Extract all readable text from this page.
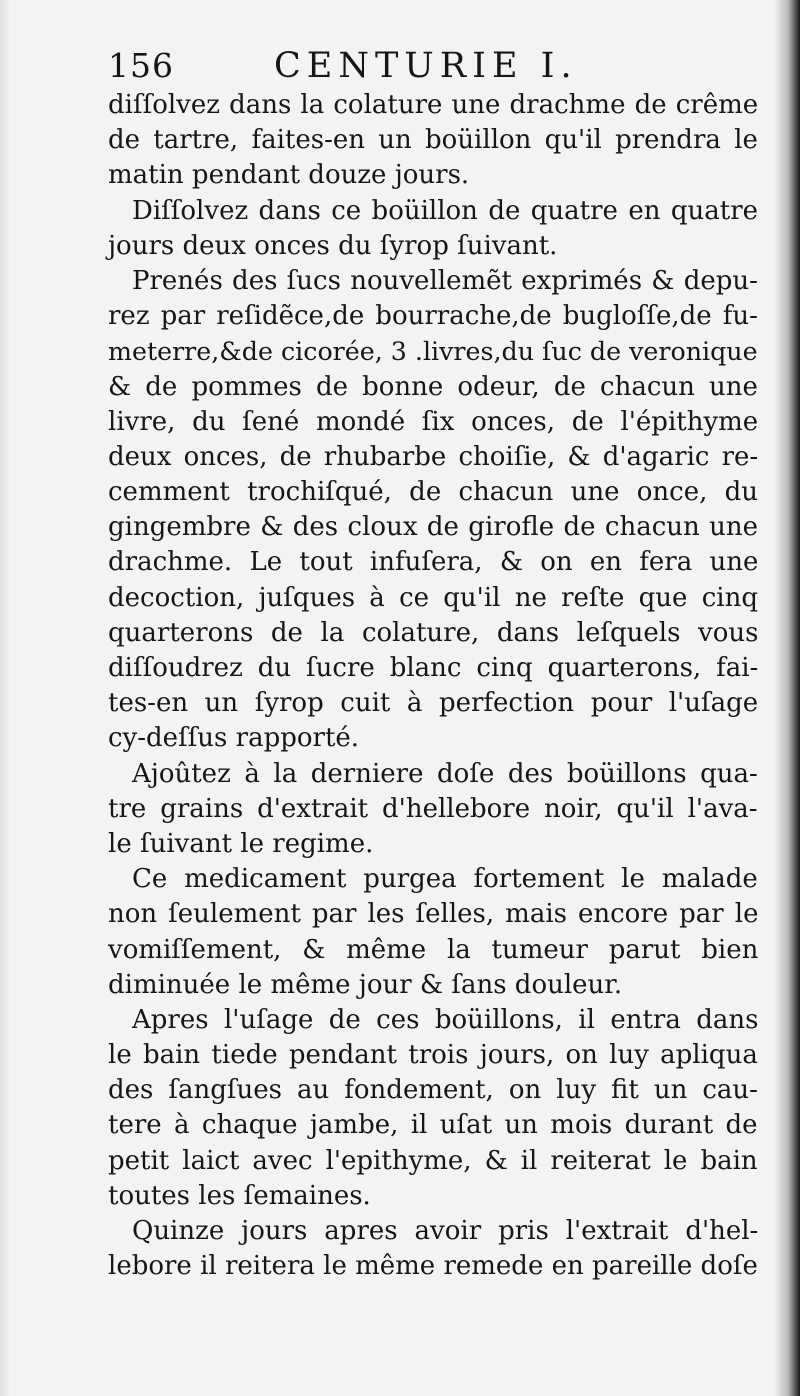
156	CENTURIE I.
diſſolvez dans la colature une drachme de crême
de tartre, faites-en un boüillon qu'il prendra le
matin pendant douze jours.
Diſſolvez dans ce boüillon de quatre en quatre
jours deux onces du ſyrop ſuivant.
Prenés des ſucs nouvellemẽt exprimés & depu-
rez par reſidẽce,de bourrache,de bugloſſe,de fu-
meterre,&de cicorée, 3 .livres,du ſuc de veronique
& de pommes de bonne odeur, de chacun une
livre, du ſené mondé ſix onces, de l'épithyme
deux onces, de rhubarbe choiſie, & d'agaric re-
cemment trochiſqué, de chacun une once, du
gingembre & des cloux de girofle de chacun une
drachme. Le tout infuſera, & on en fera une
decoction, juſques à ce qu'il ne reſte que cinq
quarterons de la colature, dans leſquels vous
diſſoudrez du ſucre blanc cinq quarterons, fai-
tes-en un ſyrop cuit à perfection pour l'uſage
cy-deſſus rapporté.
Ajoûtez à la derniere doſe des boüillons qua-
tre grains d'extrait d'hellebore noir, qu'il l'ava-
le ſuivant le regime.
Ce medicament purgea fortement le malade
non ſeulement par les ſelles, mais encore par le
vomiſſement, & même la tumeur parut bien
diminuée le même jour & ſans douleur.
Apres l'uſage de ces boüillons, il entra dans
le bain tiede pendant trois jours, on luy apliqua
des ſangſues au fondement, on luy fit un cau-
tere à chaque jambe, il uſat un mois durant de
petit laict avec l'epithyme, & il reiterat le bain
toutes les ſemaines.
Quinze jours apres avoir pris l'extrait d'hel-
lebore il reitera le même remede en pareille doſe
